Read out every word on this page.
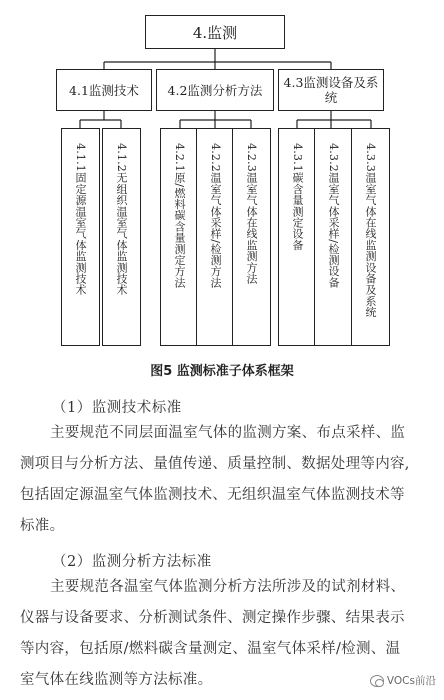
4.监测
4.1监测技术 4.2监测分析方法 4.3监测设备及系统
4.1.1固定源温室气体监测技术	4.1.2无组织温室气体监测技术	4.2.1原/燃料碳含量测定方法 4.2.2温室气体采样/检测方法 4.2.3温室气体在线监测方法	4.3.1碳含量测定设备 4.3.2温室气体采样/检测设备 4.3.3温室气体在线监测设备及系统
图5 监测标准子体系框架
（1）监测技术标准
主要规范不同层面温室气体的监测方案、布点采样、监
测项目与分析方法、量值传递、质量控制、数据处理等内容,
包括固定源温室气体监测技术、无组织温室气体监测技术等
标准。
（2）监测分析方法标准
主要规范各温室气体监测分析方法所涉及的试剂材料、
仪器与设备要求、分析测试条件、测定操作步骤、结果表示
等内容，包括原/燃料碳含量测定、温室气体采样/检测、温
室气体在线监测等方法标准。	VOCs前沿
